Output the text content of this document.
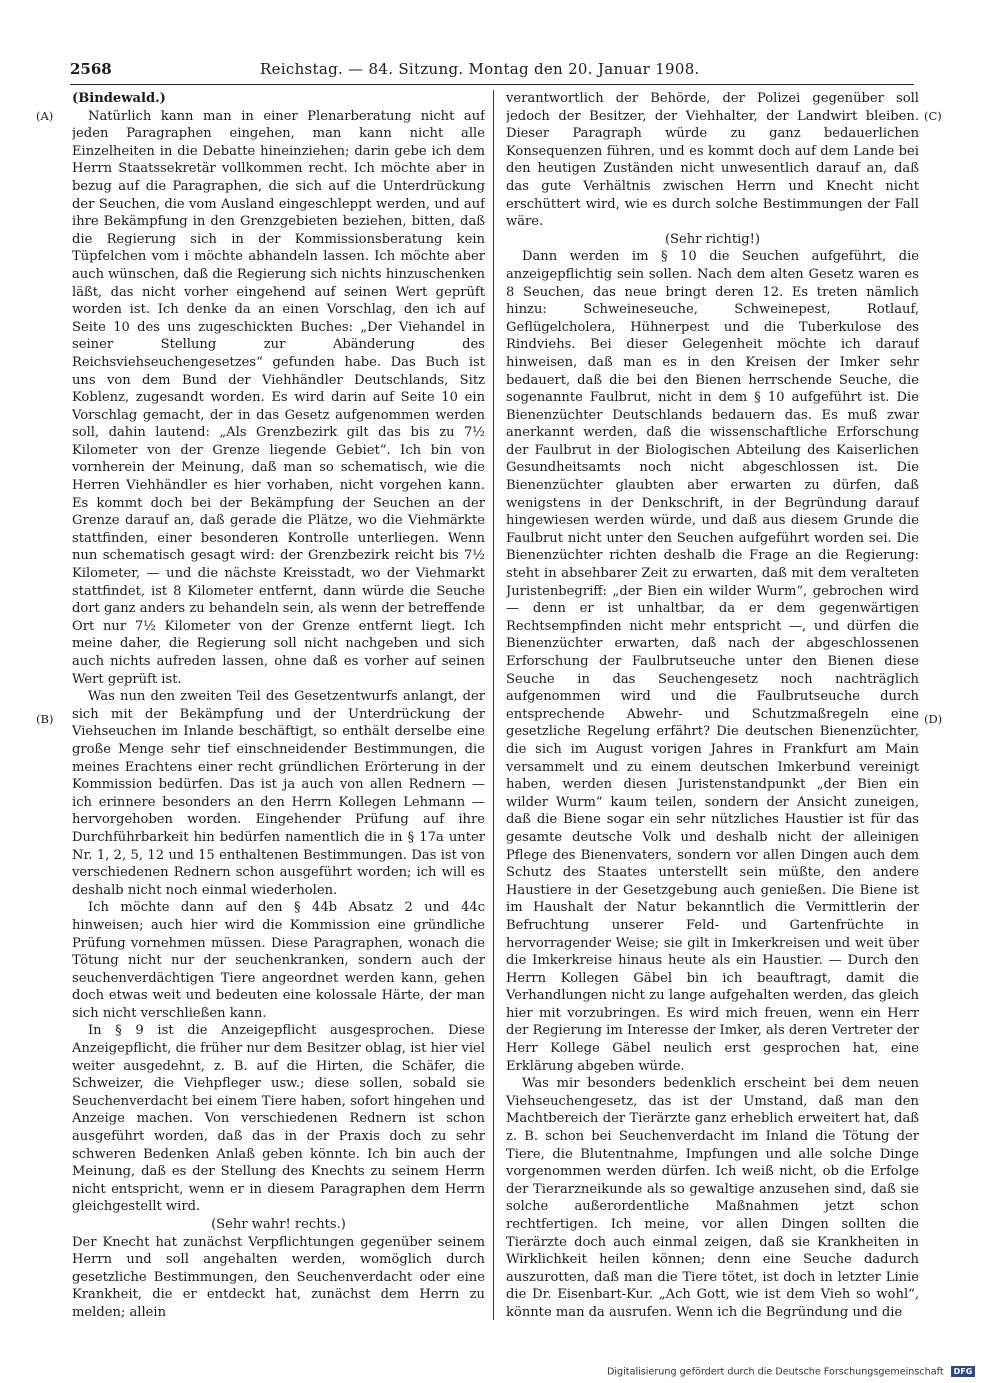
2568	Reichstag. — 84. Sitzung. Montag den 20. Januar 1908.

(Bindewald.)

Natürlich kann man in einer Plenarberatung nicht auf jeden Paragraphen eingehen, man kann nicht alle Einzelheiten in die Debatte hineinziehen; darin gebe ich dem Herrn Staatssekretär vollkommen recht. Ich möchte aber in bezug auf die Paragraphen, die sich auf die Unterdrückung der Seuchen, die vom Ausland eingeschleppt werden, und auf ihre Bekämpfung in den Grenzgebieten beziehen, bitten, daß die Regierung sich in der Kommissionsberatung kein Tüpfelchen vom i möchte abhandeln lassen. Ich möchte aber auch wünschen, daß die Regierung sich nichts hinzuschenken läßt, das nicht vorher eingehend auf seinen Wert geprüft worden ist. Ich denke da an einen Vorschlag, den ich auf Seite 10 des uns zugeschickten Buches: „Der Viehandel in seiner Stellung zur Abänderung des Reichsviehseuchengesetzes“ gefunden habe. Das Buch ist uns von dem Bund der Viehhändler Deutschlands, Sitz Koblenz, zugesandt worden. Es wird darin auf Seite 10 ein Vorschlag gemacht, der in das Gesetz aufgenommen werden soll, dahin lautend: „Als Grenzbezirk gilt das bis zu 7½ Kilometer von der Grenze liegende Gebiet“. Ich bin von vornherein der Meinung, daß man so schematisch, wie die Herren Viehhändler es hier vorhaben, nicht vorgehen kann. Es kommt doch bei der Bekämpfung der Seuchen an der Grenze darauf an, daß gerade die Plätze, wo die Viehmärkte stattfinden, einer besonderen Kontrolle unterliegen. Wenn nun schematisch gesagt wird: der Grenzbezirk reicht bis 7½ Kilometer, — und die nächste Kreisstadt, wo der Viehmarkt stattfindet, ist 8 Kilometer entfernt, dann würde die Seuche dort ganz anders zu behandeln sein, als wenn der betreffende Ort nur 7½ Kilometer von der Grenze entfernt liegt. Ich meine daher, die Regierung soll nicht nachgeben und sich auch nichts aufreden lassen, ohne daß es vorher auf seinen Wert geprüft ist.

Was nun den zweiten Teil des Gesetzentwurfs anlangt, der sich mit der Bekämpfung und der Unterdrückung der Viehseuchen im Inlande beschäftigt, so enthält derselbe eine große Menge sehr tief einschneidender Bestimmungen, die meines Erachtens einer recht gründlichen Erörterung in der Kommission bedürfen. Das ist ja auch von allen Rednern — ich erinnere besonders an den Herrn Kollegen Lehmann — hervorgehoben worden. Eingehender Prüfung auf ihre Durchführbarkeit hin bedürfen namentlich die in § 17a unter Nr. 1, 2, 5, 12 und 15 enthaltenen Bestimmungen. Das ist von verschiedenen Rednern schon ausgeführt worden; ich will es deshalb nicht noch einmal wiederholen.

Ich möchte dann auf den § 44b Absatz 2 und 44c hinweisen; auch hier wird die Kommission eine gründliche Prüfung vornehmen müssen. Diese Paragraphen, wonach die Tötung nicht nur der seuchenkranken, sondern auch der seuchenverdächtigen Tiere angeordnet werden kann, gehen doch etwas weit und bedeuten eine kolossale Härte, der man sich nicht verschließen kann.

In § 9 ist die Anzeigepflicht ausgesprochen. Diese Anzeigepflicht, die früher nur dem Besitzer oblag, ist hier viel weiter ausgedehnt, z. B. auf die Hirten, die Schäfer, die Schweizer, die Viehpfleger usw.; diese sollen, sobald sie Seuchenverdacht bei einem Tiere haben, sofort hingehen und Anzeige machen. Von verschiedenen Rednern ist schon ausgeführt worden, daß das in der Praxis doch zu sehr schweren Bedenken Anlaß geben könnte. Ich bin auch der Meinung, daß es der Stellung des Knechts zu seinem Herrn nicht entspricht, wenn er in diesem Paragraphen dem Herrn gleichgestellt wird.

(Sehr wahr! rechts.)

Der Knecht hat zunächst Verpflichtungen gegenüber seinem Herrn und soll angehalten werden, womöglich durch gesetzliche Bestimmungen, den Seuchenverdacht oder eine Krankheit, die er entdeckt hat, zunächst dem Herrn zu melden; allein

verantwortlich der Behörde, der Polizei gegenüber soll jedoch der Besitzer, der Viehhalter, der Landwirt bleiben. Dieser Paragraph würde zu ganz bedauerlichen Konsequenzen führen, und es kommt doch auf dem Lande bei den heutigen Zuständen nicht unwesentlich darauf an, daß das gute Verhältnis zwischen Herrn und Knecht nicht erschüttert wird, wie es durch solche Bestimmungen der Fall wäre.

(Sehr richtig!)

Dann werden im § 10 die Seuchen aufgeführt, die anzeigepflichtig sein sollen. Nach dem alten Gesetz waren es 8 Seuchen, das neue bringt deren 12. Es treten nämlich hinzu: Schweineseuche, Schweinepest, Rotlauf, Geflügelcholera, Hühnerpest und die Tuberkulose des Rindviehs. Bei dieser Gelegenheit möchte ich darauf hinweisen, daß man es in den Kreisen der Imker sehr bedauert, daß die bei den Bienen herrschende Seuche, die sogenannte Faulbrut, nicht in dem § 10 aufgeführt ist. Die Bienenzüchter Deutschlands bedauern das. Es muß zwar anerkannt werden, daß die wissenschaftliche Erforschung der Faulbrut in der Biologischen Abteilung des Kaiserlichen Gesundheitsamts noch nicht abgeschlossen ist. Die Bienenzüchter glaubten aber erwarten zu dürfen, daß wenigstens in der Denkschrift, in der Begründung darauf hingewiesen werden würde, und daß aus diesem Grunde die Faulbrut nicht unter den Seuchen aufgeführt worden sei. Die Bienenzüchter richten deshalb die Frage an die Regierung: steht in absehbarer Zeit zu erwarten, daß mit dem veralteten Juristenbegriff: „der Bien ein wilder Wurm“, gebrochen wird — denn er ist unhaltbar, da er dem gegenwärtigen Rechtsempfinden nicht mehr entspricht —, und dürfen die Bienenzüchter erwarten, daß nach der abgeschlossenen Erforschung der Faulbrutseuche unter den Bienen diese Seuche in das Seuchengesetz noch nachträglich aufgenommen wird und die Faulbrutseuche durch entsprechende Abwehr- und Schutzmaßregeln eine gesetzliche Regelung erfährt? Die deutschen Bienenzüchter, die sich im August vorigen Jahres in Frankfurt am Main versammelt und zu einem deutschen Imkerbund vereinigt haben, werden diesen Juristenstandpunkt „der Bien ein wilder Wurm“ kaum teilen, sondern der Ansicht zuneigen, daß die Biene sogar ein sehr nützliches Haustier ist für das gesamte deutsche Volk und deshalb nicht der alleinigen Pflege des Bienenvaters, sondern vor allen Dingen auch dem Schutz des Staates unterstellt sein müßte, den andere Haustiere in der Gesetzgebung auch genießen. Die Biene ist im Haushalt der Natur bekanntlich die Vermittlerin der Befruchtung unserer Feld- und Gartenfrüchte in hervorragender Weise; sie gilt in Imkerkreisen und weit über die Imkerkreise hinaus heute als ein Haustier. — Durch den Herrn Kollegen Gäbel bin ich beauftragt, damit die Verhandlungen nicht zu lange aufgehalten werden, das gleich hier mit vorzubringen. Es wird mich freuen, wenn ein Herr der Regierung im Interesse der Imker, als deren Vertreter der Herr Kollege Gäbel neulich erst gesprochen hat, eine Erklärung abgeben würde.

Was mir besonders bedenklich erscheint bei dem neuen Viehseuchengesetz, das ist der Umstand, daß man den Machtbereich der Tierärzte ganz erheblich erweitert hat, daß z. B. schon bei Seuchenverdacht im Inland die Tötung der Tiere, die Blutentnahme, Impfungen und alle solche Dinge vorgenommen werden dürfen. Ich weiß nicht, ob die Erfolge der Tierarzneikunde als so gewaltige anzusehen sind, daß sie solche außerordentliche Maßnahmen jetzt schon rechtfertigen. Ich meine, vor allen Dingen sollten die Tierärzte doch auch einmal zeigen, daß sie Krankheiten in Wirklichkeit heilen können; denn eine Seuche dadurch auszurotten, daß man die Tiere tötet, ist doch in letzter Linie die Dr. Eisenbart-Kur. „Ach Gott, wie ist dem Vieh so wohl“, könnte man da ausrufen. Wenn ich die Begründung und die

(A)
(B)
(C)
(D)
Digitalisierung gefördert durch die Deutsche Forschungsgemeinschaft DFG
